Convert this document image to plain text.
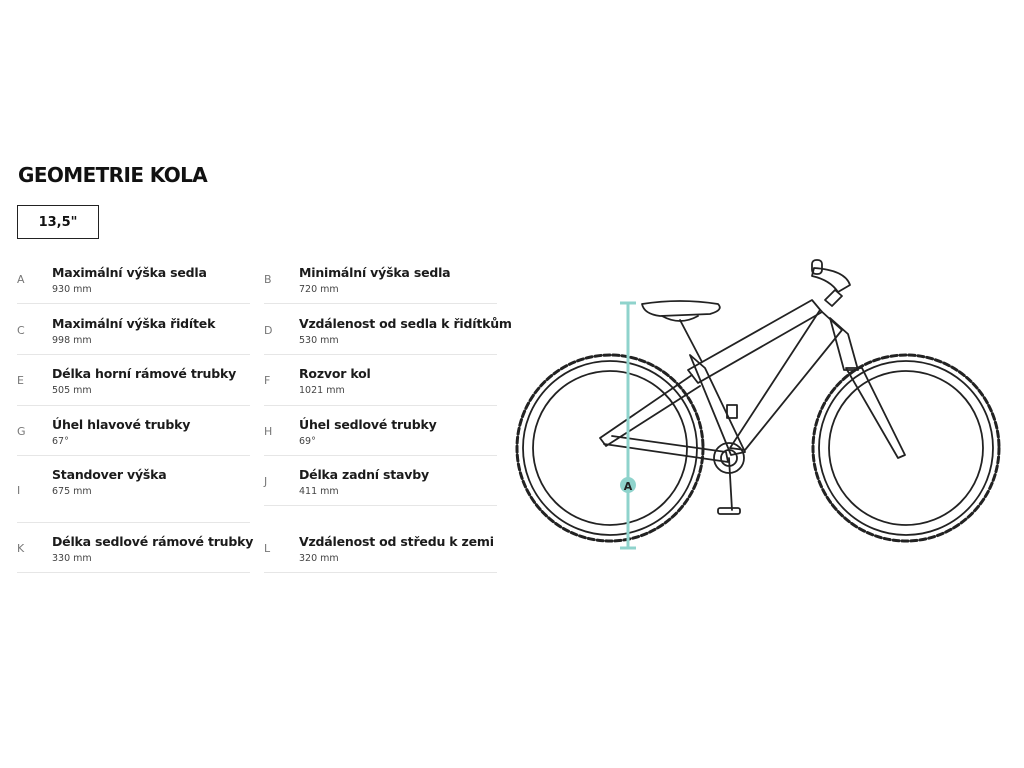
GEOMETRIE KOLA
13,5"
A Maximální výška sedla
930 mm
C Maximální výška řidítek
998 mm
E Délka horní rámové trubky
505 mm
G Úhel hlavové trubky
67°
I
Standover výška
675 mm
K Délka sedlové rámové trubky
330 mm
B Minimální výška sedla
720 mm
D Vzdálenost od sedla k řidítkům
530 mm
F Rozvor kol
1021 mm
H Úhel sedlové trubky
69°
J	Délka zadní stavby
411 mm
L Vzdálenost od středu k zemi
320 mm
A
